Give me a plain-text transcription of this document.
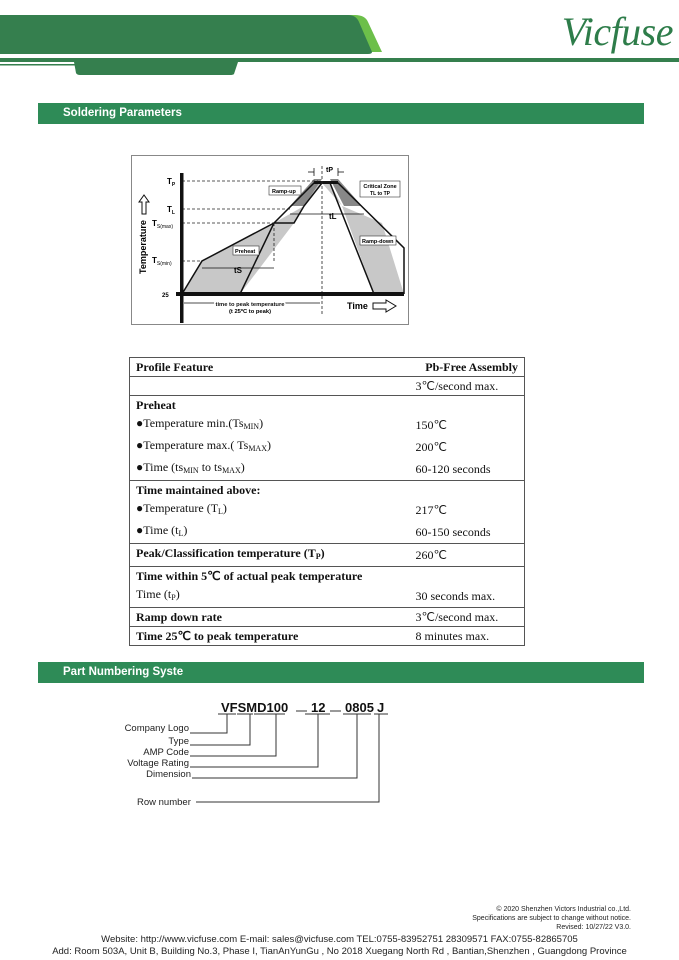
Vicfuse
Soldering Parameters
$T_P$
$T_L$
$T_{S(max)}$
$T_{S(min)}$
25
Temperature
Time
Ramp-up
Preheat
Ramp-down
Critical Zone
TL to TP
tP
tL
tS
time to peak temperature
(t 25ºC to peak)
Profile Feature	Pb-Free Assembly
	3℃/second max.
Preheat	
●Temperature $\min.(Ts_{MIN})$	150℃
●Temperature max.( $Ts_{MAX}$)	200℃
●Time ($ts_{MIN}$ to $ts_{MAX}$)	60-120 seconds
Time maintained above:	
●Temperature $(T_L)$	217℃
●Time $(t_L)$	60-150 seconds
Peak/Classification temperature $(T_P)$	260℃
Time within 5℃ of actual peak temperature	
Time $(t_P)$	30 seconds max.
Ramp down rate	3℃/second max.
Time 25℃ to peak temperature	8 minutes max.
Part Numbering Syste
VFSMD100 12 0805 J
Company Logo
Type
AMP Code
Voltage Rating
Dimension
Row number
© 2020 Shenzhen Victors Industrial co.,Ltd.
Specifications are subject to change without notice.
Revised: 10/27/22 V3.0.
Website: http://www.vicfuse.com E-mail: sales@vicfuse.com TEL:0755-83952751 28309571 FAX:0755-82865705
Add: Room 503A, Unit B, Building No.3, Phase I, TianAnYunGu , No 2018 Xuegang North Rd , Bantian,Shenzhen , Guangdong Province
